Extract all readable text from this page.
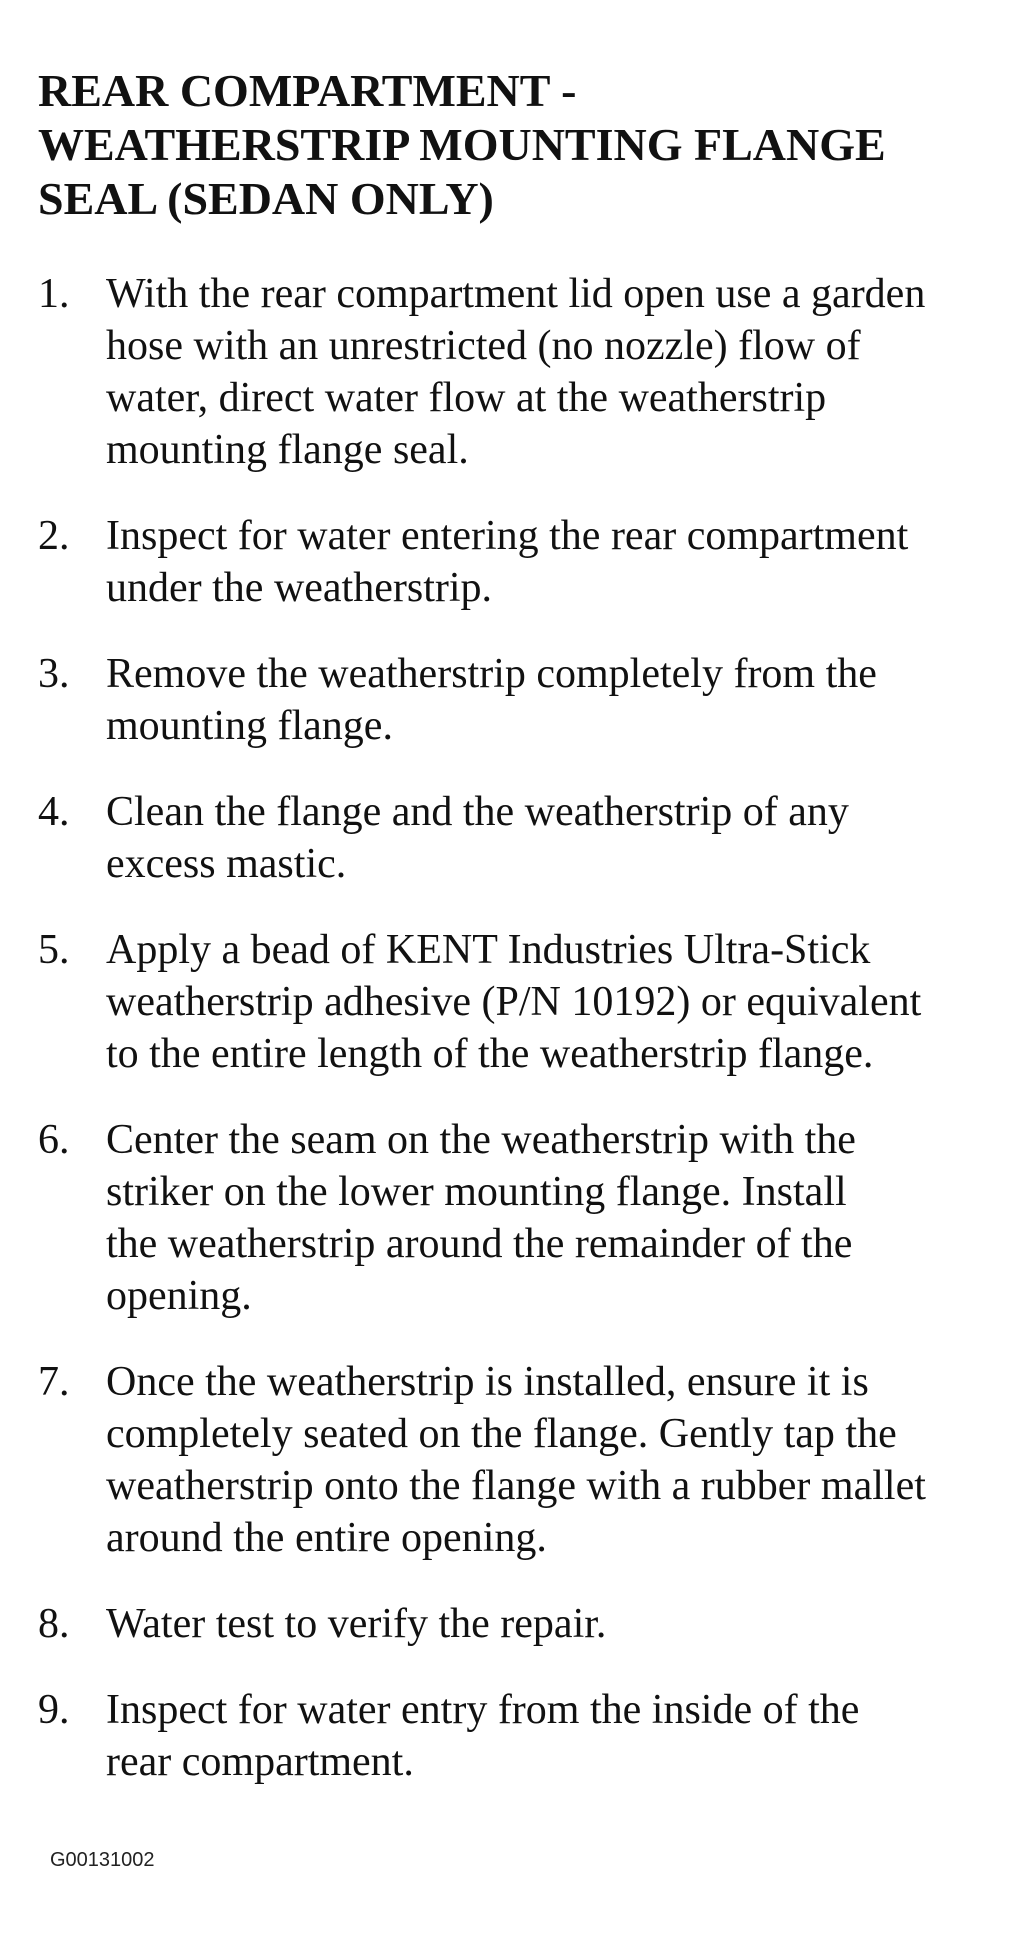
REAR COMPARTMENT -
WEATHERSTRIP MOUNTING FLANGE
SEAL (SEDAN ONLY)
1. With the rear compartment lid open use a garden
hose with an unrestricted (no nozzle) flow of
water, direct water flow at the weatherstrip
mounting flange seal.
2. Inspect for water entering the rear compartment
under the weatherstrip.
3. Remove the weatherstrip completely from the
mounting flange.
4. Clean the flange and the weatherstrip of any
excess mastic.
5. Apply a bead of KENT Industries Ultra-Stick
weatherstrip adhesive (P/N 10192) or equivalent
to the entire length of the weatherstrip flange.
6. Center the seam on the weatherstrip with the
striker on the lower mounting flange. Install
the weatherstrip around the remainder of the
opening.
7. Once the weatherstrip is installed, ensure it is
completely seated on the flange. Gently tap the
weatherstrip onto the flange with a rubber mallet
around the entire opening.
8. Water test to verify the repair.
9. Inspect for water entry from the inside of the
rear compartment.
G00131002
